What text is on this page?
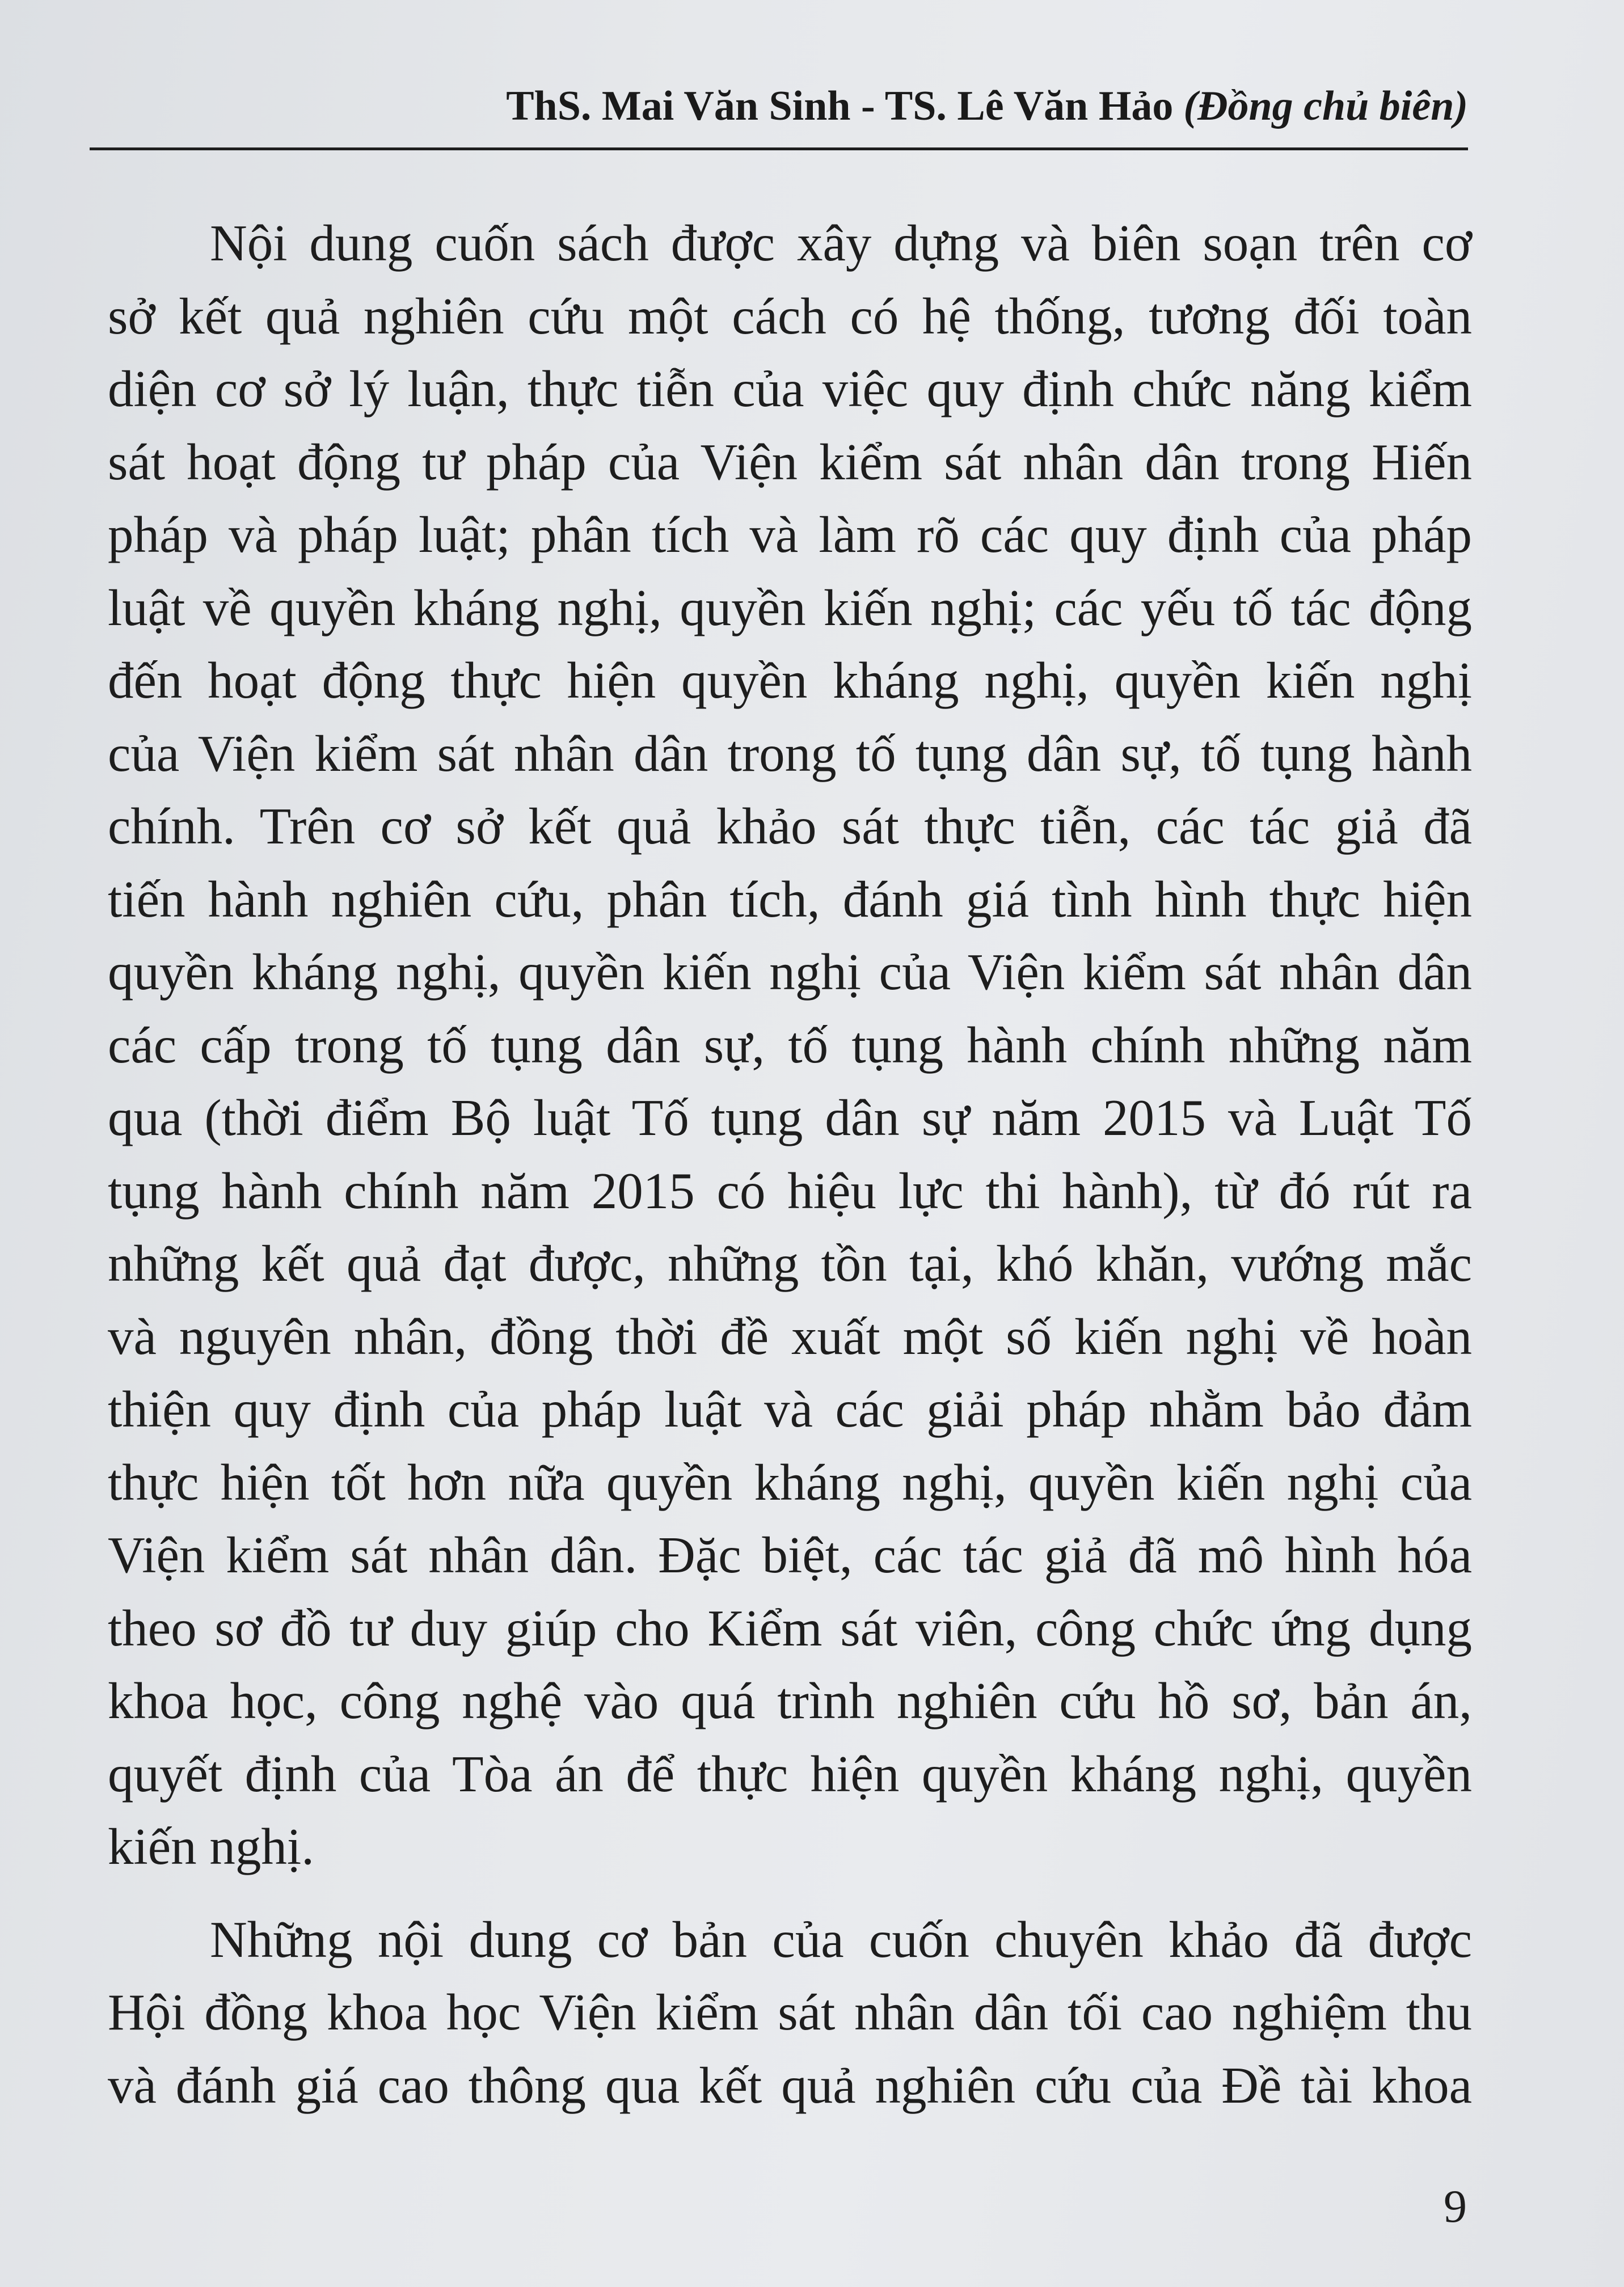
ThS. Mai Văn Sinh - TS. Lê Văn Hảo (Đồng chủ biên)
Nội dung cuốn sách được xây dựng và biên soạn trên cơ
sở kết quả nghiên cứu một cách có hệ thống, tương đối toàn
diện cơ sở lý luận, thực tiễn của việc quy định chức năng kiểm
sát hoạt động tư pháp của Viện kiểm sát nhân dân trong Hiến
pháp và pháp luật; phân tích và làm rõ các quy định của pháp
luật về quyền kháng nghị, quyền kiến nghị; các yếu tố tác động
đến hoạt động thực hiện quyền kháng nghị, quyền kiến nghị
của Viện kiểm sát nhân dân trong tố tụng dân sự, tố tụng hành
chính. Trên cơ sở kết quả khảo sát thực tiễn, các tác giả đã
tiến hành nghiên cứu, phân tích, đánh giá tình hình thực hiện
quyền kháng nghị, quyền kiến nghị của Viện kiểm sát nhân dân
các cấp trong tố tụng dân sự, tố tụng hành chính những năm
qua (thời điểm Bộ luật Tố tụng dân sự năm 2015 và Luật Tố
tụng hành chính năm 2015 có hiệu lực thi hành), từ đó rút ra
những kết quả đạt được, những tồn tại, khó khăn, vướng mắc
và nguyên nhân, đồng thời đề xuất một số kiến nghị về hoàn
thiện quy định của pháp luật và các giải pháp nhằm bảo đảm
thực hiện tốt hơn nữa quyền kháng nghị, quyền kiến nghị của
Viện kiểm sát nhân dân. Đặc biệt, các tác giả đã mô hình hóa
theo sơ đồ tư duy giúp cho Kiểm sát viên, công chức ứng dụng
khoa học, công nghệ vào quá trình nghiên cứu hồ sơ, bản án,
quyết định của Tòa án để thực hiện quyền kháng nghị, quyền
kiến nghị.
Những nội dung cơ bản của cuốn chuyên khảo đã được
Hội đồng khoa học Viện kiểm sát nhân dân tối cao nghiệm thu
và đánh giá cao thông qua kết quả nghiên cứu của Đề tài khoa
9
